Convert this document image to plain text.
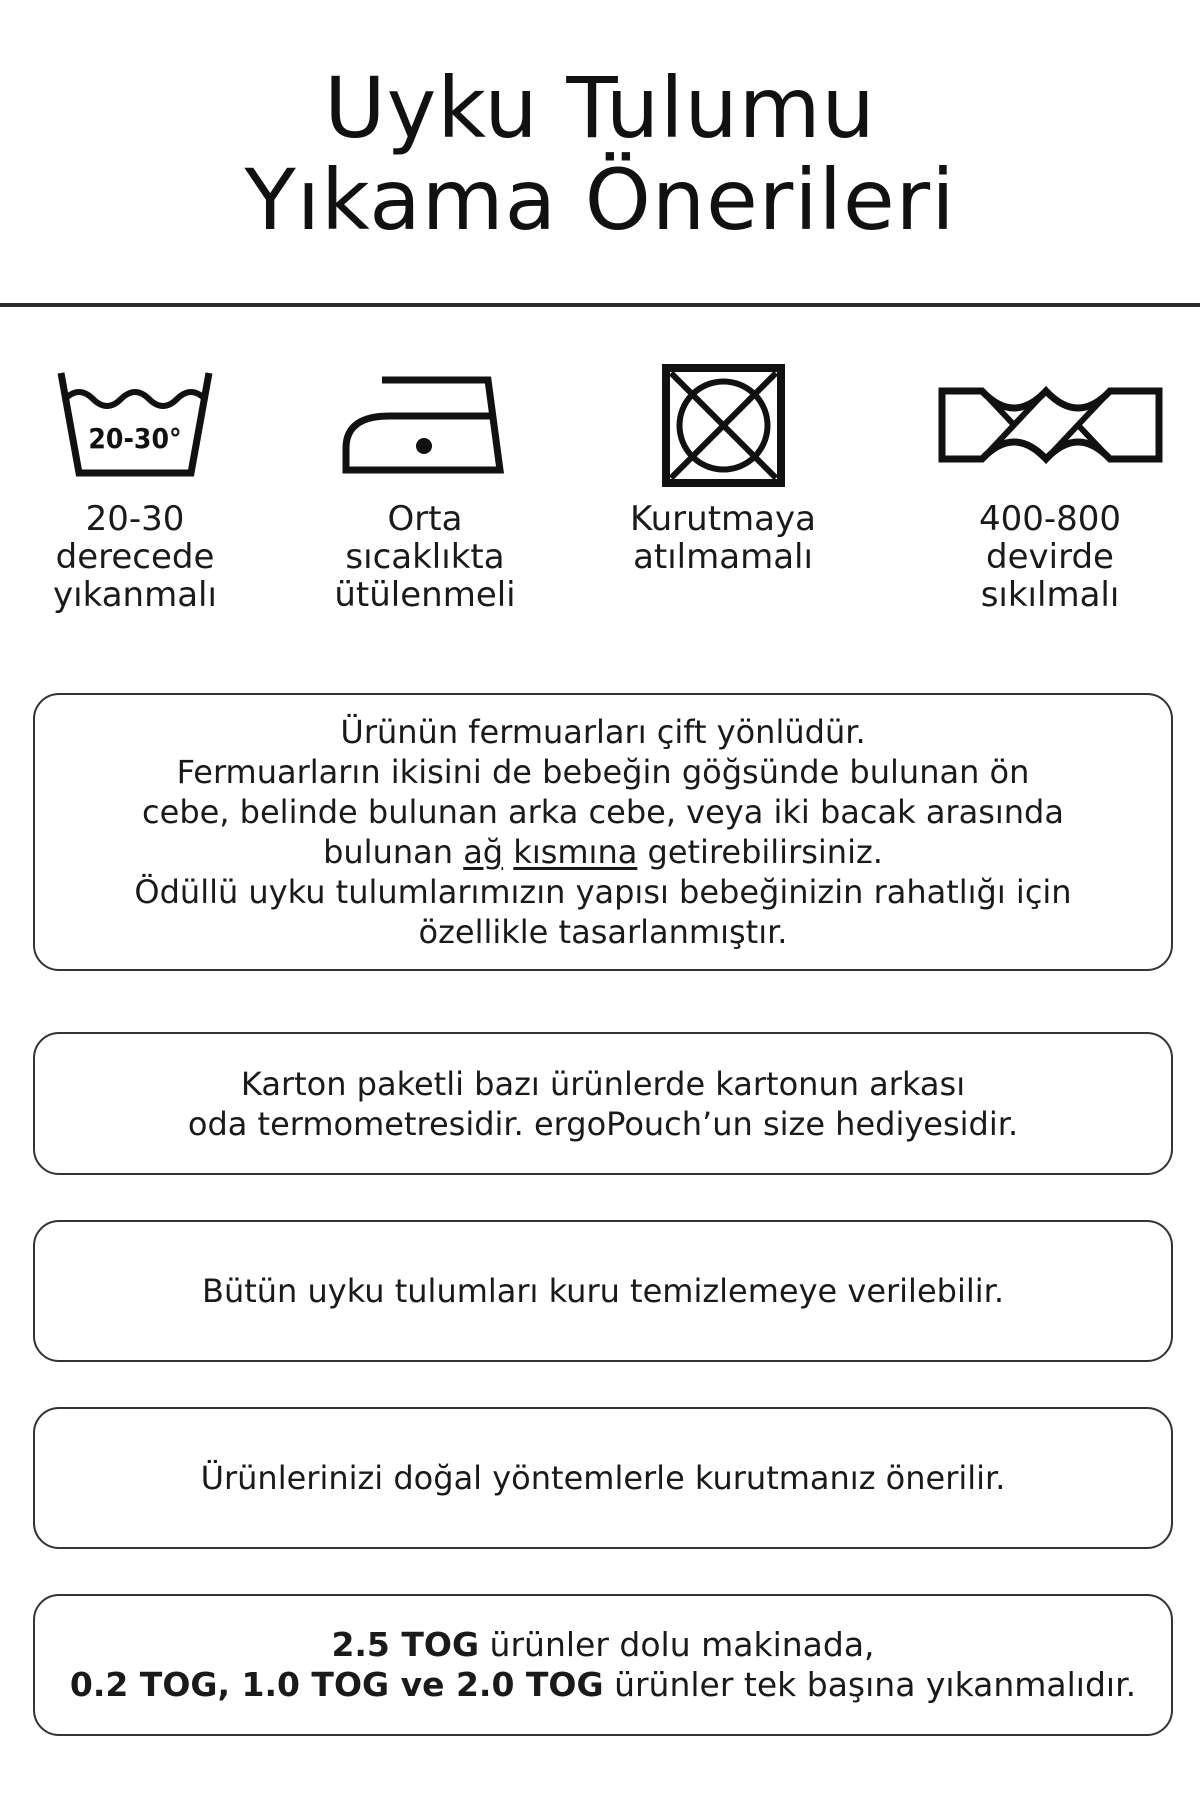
Uyku Tulumu
Yıkama Önerileri
20-30°
20-30
derecede
yıkanmalı
Orta
sıcaklıkta
ütülenmeli
Kurutmaya
atılmamalı
400-800
devirde
sıkılmalı

Ürünün fermuarları çift yönlüdür.

Fermuarların ikisini de bebeğin göğsünde bulunan ön

cebe, belinde bulunan arka cebe, veya iki bacak arasında

bulunan ağ kısmına getirebilirsiniz.

Ödüllü uyku tulumlarımızın yapısı bebeğinizin rahatlığı için

özellikle tasarlanmıştır.

Karton paketli bazı ürünlerde kartonun arkası

oda termometresidir. ergoPouch’un size hediyesidir.

Bütün uyku tulumları kuru temizlemeye verilebilir.

Ürünlerinizi doğal yöntemlerle kurutmanız önerilir.

2.5 TOG ürünler dolu makinada,

0.2 TOG, 1.0 TOG ve 2.0 TOG ürünler tek başına yıkanmalıdır.
